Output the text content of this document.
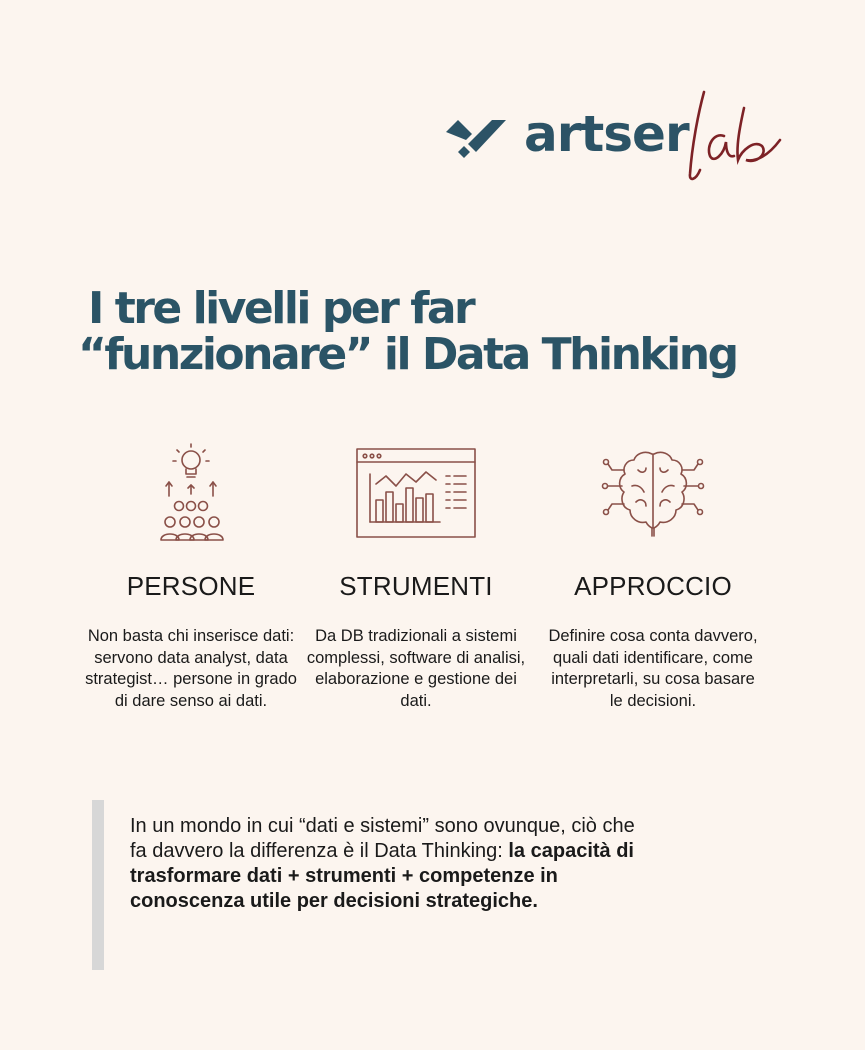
artser
I tre livelli per far
“funzionare” il Data Thinking
PERSONE
Non basta chi inserisce dati: servono data analyst, data strategist… persone in grado di dare senso ai dati.
STRUMENTI
Da DB tradizionali a sistemi complessi, software di analisi, elaborazione e gestione dei dati.
APPROCCIO
Definire cosa conta davvero, quali dati identificare, come interpretarli, su cosa basare le decisioni.
In un mondo in cui “dati e sistemi” sono ovunque, ciò che fa davvero la differenza è il Data Thinking: la capacità di trasformare dati + strumenti + competenze in conoscenza utile per decisioni strategiche.
